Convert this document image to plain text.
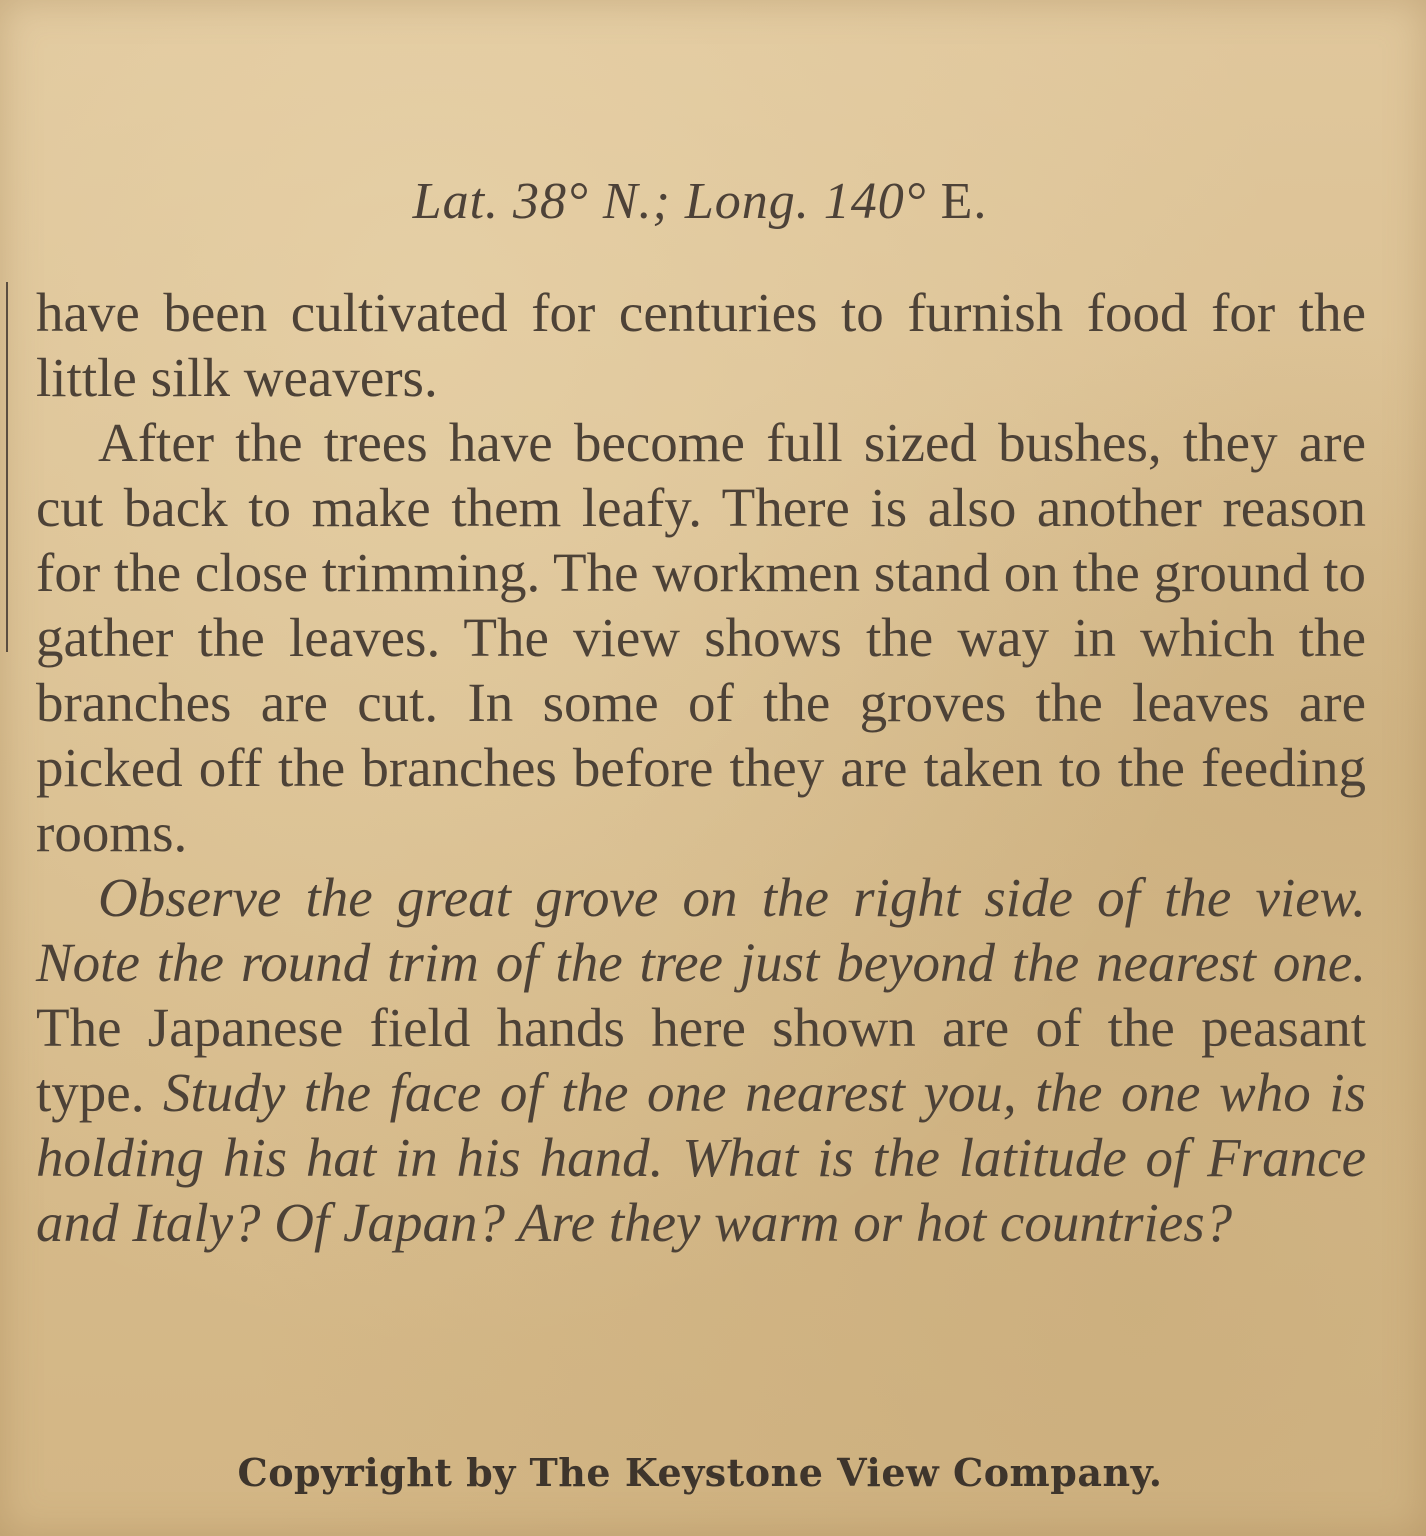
Lat. 38° N.; Long. 140° E.

have been cultivated for centuries to furnish food for the little silk weavers.

After the trees have become full sized bushes, they are cut back to make them leafy. There is also another reason for the close trimming. The workmen stand on the ground to gather the leaves. The view shows the way in which the branches are cut. In some of the groves the leaves are picked off the branches before they are taken to the feeding rooms.

Observe the great grove on the right side of the view. Note the round trim of the tree just beyond the nearest one. The Japanese field hands here shown are of the peasant type. Study the face of the one nearest you, the one who is holding his hat in his hand. What is the latitude of France and Italy? Of Japan? Are they warm or hot countries?

Copyright by The Keystone View Company.
